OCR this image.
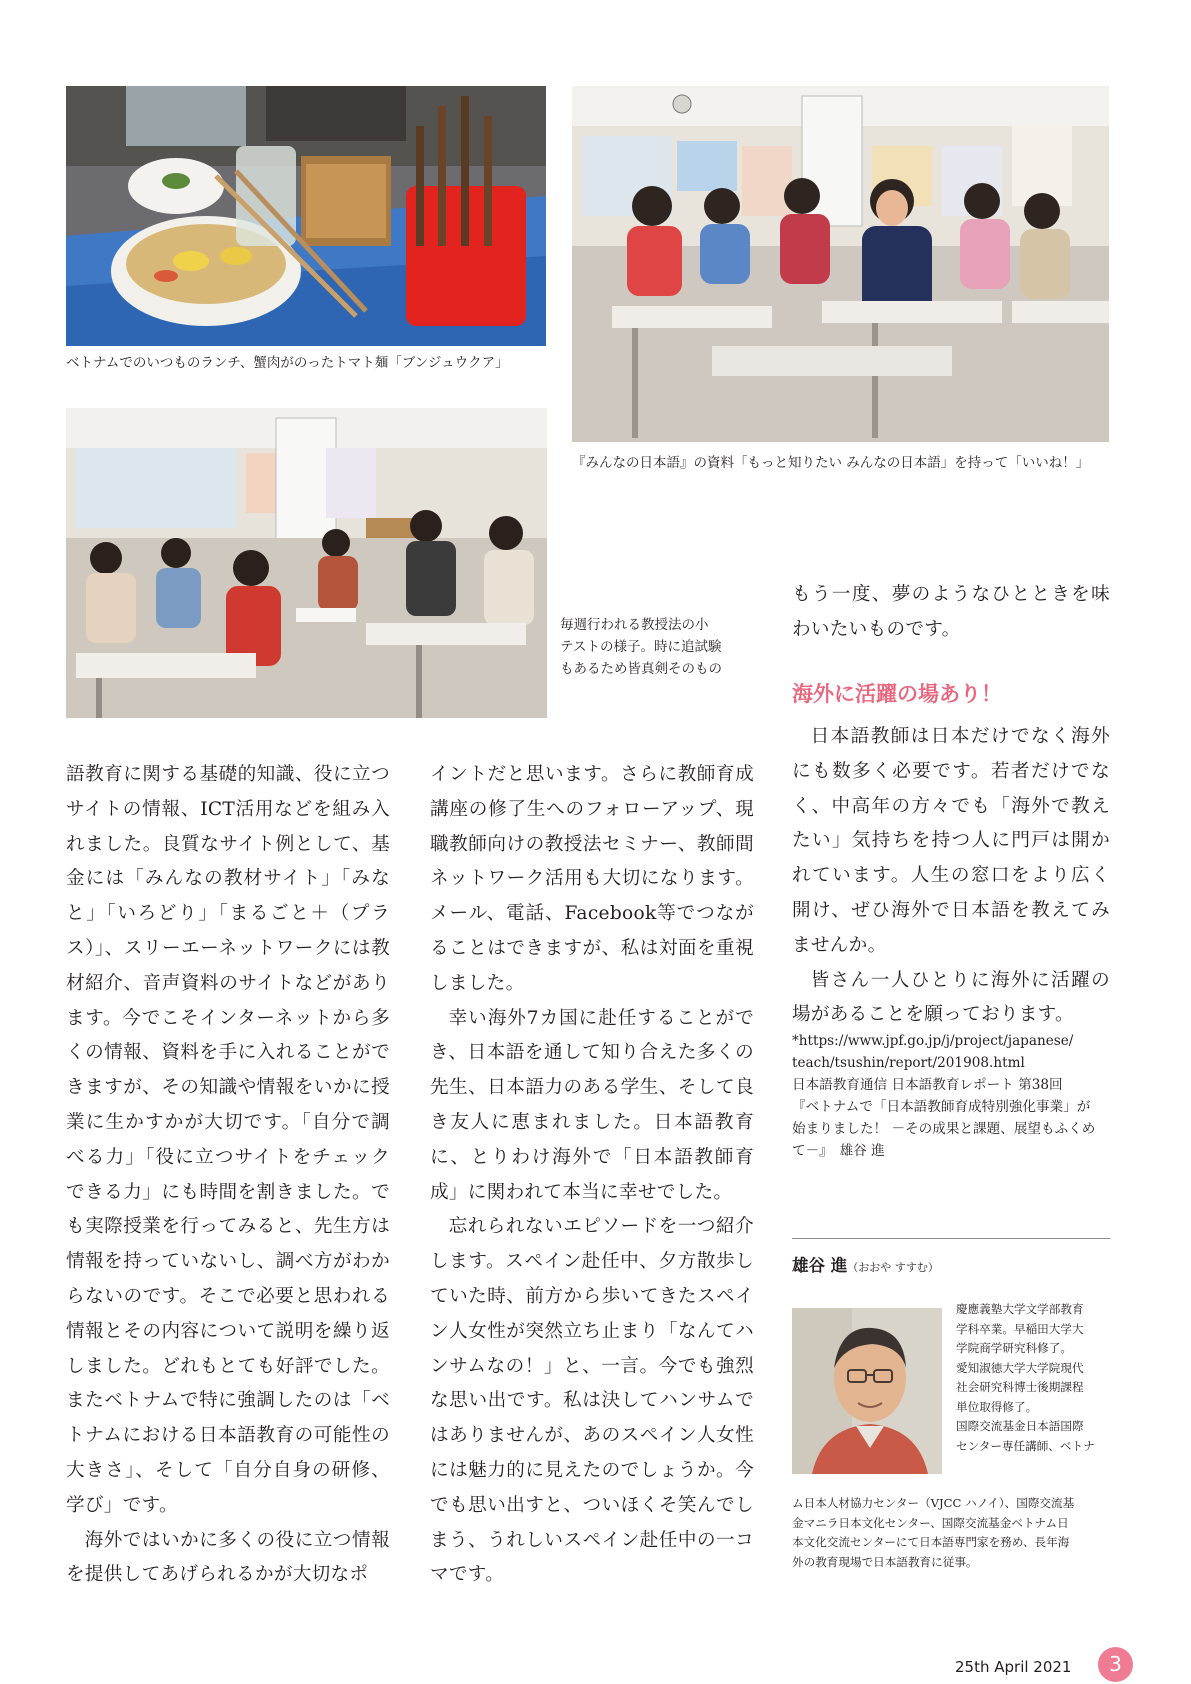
ベトナムでのいつものランチ、蟹肉がのったトマト麺「ブンジュウクア」

『みんなの日本語』の資料「もっと知りたい みんなの日本語」を持って「いいね！」

毎週行われる教授法の小
テストの様子。時に追試験
もあるため皆真剣そのもの

語教育に関する基礎的知識、役に立つサイトの情報、ICT活用などを組み入れました。良質なサイト例として、基金には「みんなの教材サイト」「みなと」「いろどり」「まるごと＋（プラス）」、スリーエーネットワークには教材紹介、音声資料のサイトなどがあります。今でこそインターネットから多くの情報、資料を手に入れることができますが、その知識や情報をいかに授業に生かすかが大切です。「自分で調べる力」「役に立つサイトをチェックできる力」にも時間を割きました。でも実際授業を行ってみると、先生方は情報を持っていないし、調べ方がわからないのです。そこで必要と思われる情報とその内容について説明を繰り返しました。どれもとても好評でした。またベトナムで特に強調したのは「ベトナムにおける日本語教育の可能性の大きさ」、そして「自分自身の研修、学び」です。

海外ではいかに多くの役に立つ情報を提供してあげられるかが大切なポ

イントだと思います。さらに教師育成講座の修了生へのフォローアップ、現職教師向けの教授法セミナー、教師間ネットワーク活用も大切になります。メール、電話、Facebook等でつながることはできますが、私は対面を重視しました。

幸い海外7カ国に赴任することができ、日本語を通して知り合えた多くの先生、日本語力のある学生、そして良き友人に恵まれました。日本語教育に、とりわけ海外で「日本語教師育成」に関われて本当に幸せでした。

忘れられないエピソードを一つ紹介します。スペイン赴任中、夕方散歩していた時、前方から歩いてきたスペイン人女性が突然立ち止まり「なんてハンサムなの！」と、一言。今でも強烈な思い出です。私は決してハンサムではありませんが、あのスペイン人女性には魅力的に見えたのでしょうか。今でも思い出すと、ついほくそ笑んでしまう、うれしいスペイン赴任中の一コマです。

もう一度、夢のようなひとときを味わいたいものです。

海外に活躍の場あり！

日本語教師は日本だけでなく海外にも数多く必要です。若者だけでなく、中高年の方々でも「海外で教えたい」気持ちを持つ人に門戸は開かれています。人生の窓口をより広く開け、ぜひ海外で日本語を教えてみませんか。

皆さん一人ひとりに海外に活躍の場があることを願っております。

*https://www.jpf.go.jp/j/project/japanese/
teach/tsushin/report/201908.html
日本語教育通信 日本語教育レポート 第38回
『ベトナムで「日本語教師育成特別強化事業」が
始まりました！ －その成果と課題、展望もふくめ
て－』　雄谷 進

雄谷 進（おおや すすむ）

慶應義塾大学文学部教育
学科卒業。早稲田大学大
学院商学研究科修了。
愛知淑徳大学大学院現代
社会研究科博士後期課程
単位取得修了。
国際交流基金日本語国際
センター専任講師、ベトナ
ム日本人材協力センター（VJCC ハノイ）、国際交流基
金マニラ日本文化センター、国際交流基金ベトナム日
本文化交流センターにて日本語専門家を務め、長年海
外の教育現場で日本語教育に従事。

25th April 2021	3
